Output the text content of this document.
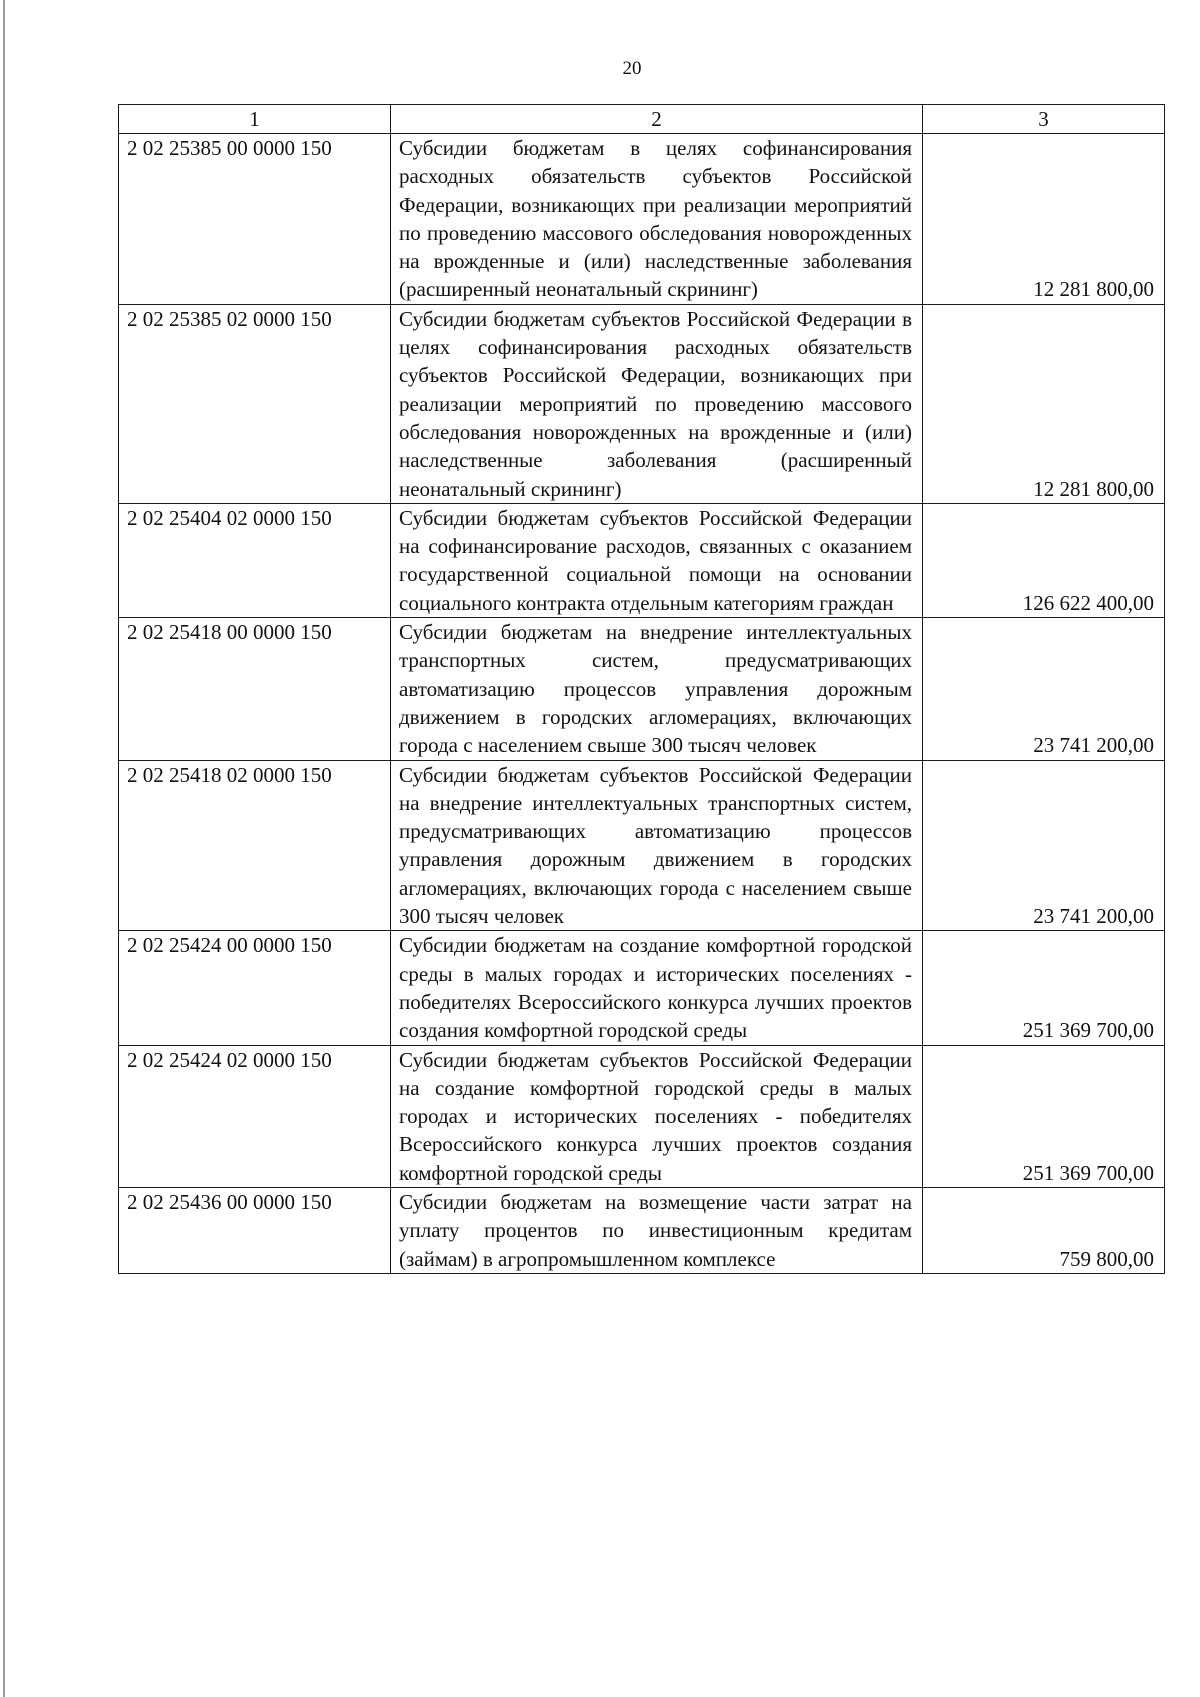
20
1	2	3
2 02 25385 00 0000 150	Субсидии бюджетам в целях софинансирования расходных обязательств субъектов Российской Федерации, возникающих при реализации мероприятий по проведению массового обследования новорожденных на врожденные и (или) наследственные заболевания (расширенный неонатальный скрининг)	12 281 800,00
2 02 25385 02 0000 150	Субсидии бюджетам субъектов Российской Федерации в целях софинансирования расходных обязательств субъектов Российской Федерации, возникающих при реализации мероприятий по проведению массового обследования новорожденных на врожденные и (или) наследственные заболевания (расширенный неонатальный скрининг)	12 281 800,00
2 02 25404 02 0000 150	Субсидии бюджетам субъектов Российской Федерации на софинансирование расходов, связанных с оказанием государственной социальной помощи на основании социального контракта отдельным категориям граждан	126 622 400,00
2 02 25418 00 0000 150	Субсидии бюджетам на внедрение интеллектуальных транспортных систем, предусматривающих автоматизацию процессов управления дорожным движением в городских агломерациях, включающих города с населением свыше 300 тысяч человек	23 741 200,00
2 02 25418 02 0000 150	Субсидии бюджетам субъектов Российской Федерации на внедрение интеллектуальных транспортных систем, предусматривающих автоматизацию процессов управления дорожным движением в городских агломерациях, включающих города с населением свыше 300 тысяч человек	23 741 200,00
2 02 25424 00 0000 150	Субсидии бюджетам на создание комфортной городской среды в малых городах и исторических поселениях - победителях Всероссийского конкурса лучших проектов создания комфортной городской среды	251 369 700,00
2 02 25424 02 0000 150	Субсидии бюджетам субъектов Российской Федерации на создание комфортной городской среды в малых городах и исторических поселениях - победителях Всероссийского конкурса лучших проектов создания комфортной городской среды	251 369 700,00
2 02 25436 00 0000 150	Субсидии бюджетам на возмещение части затрат на уплату процентов по инвестиционным кредитам (займам) в агропромышленном комплексе	759 800,00
